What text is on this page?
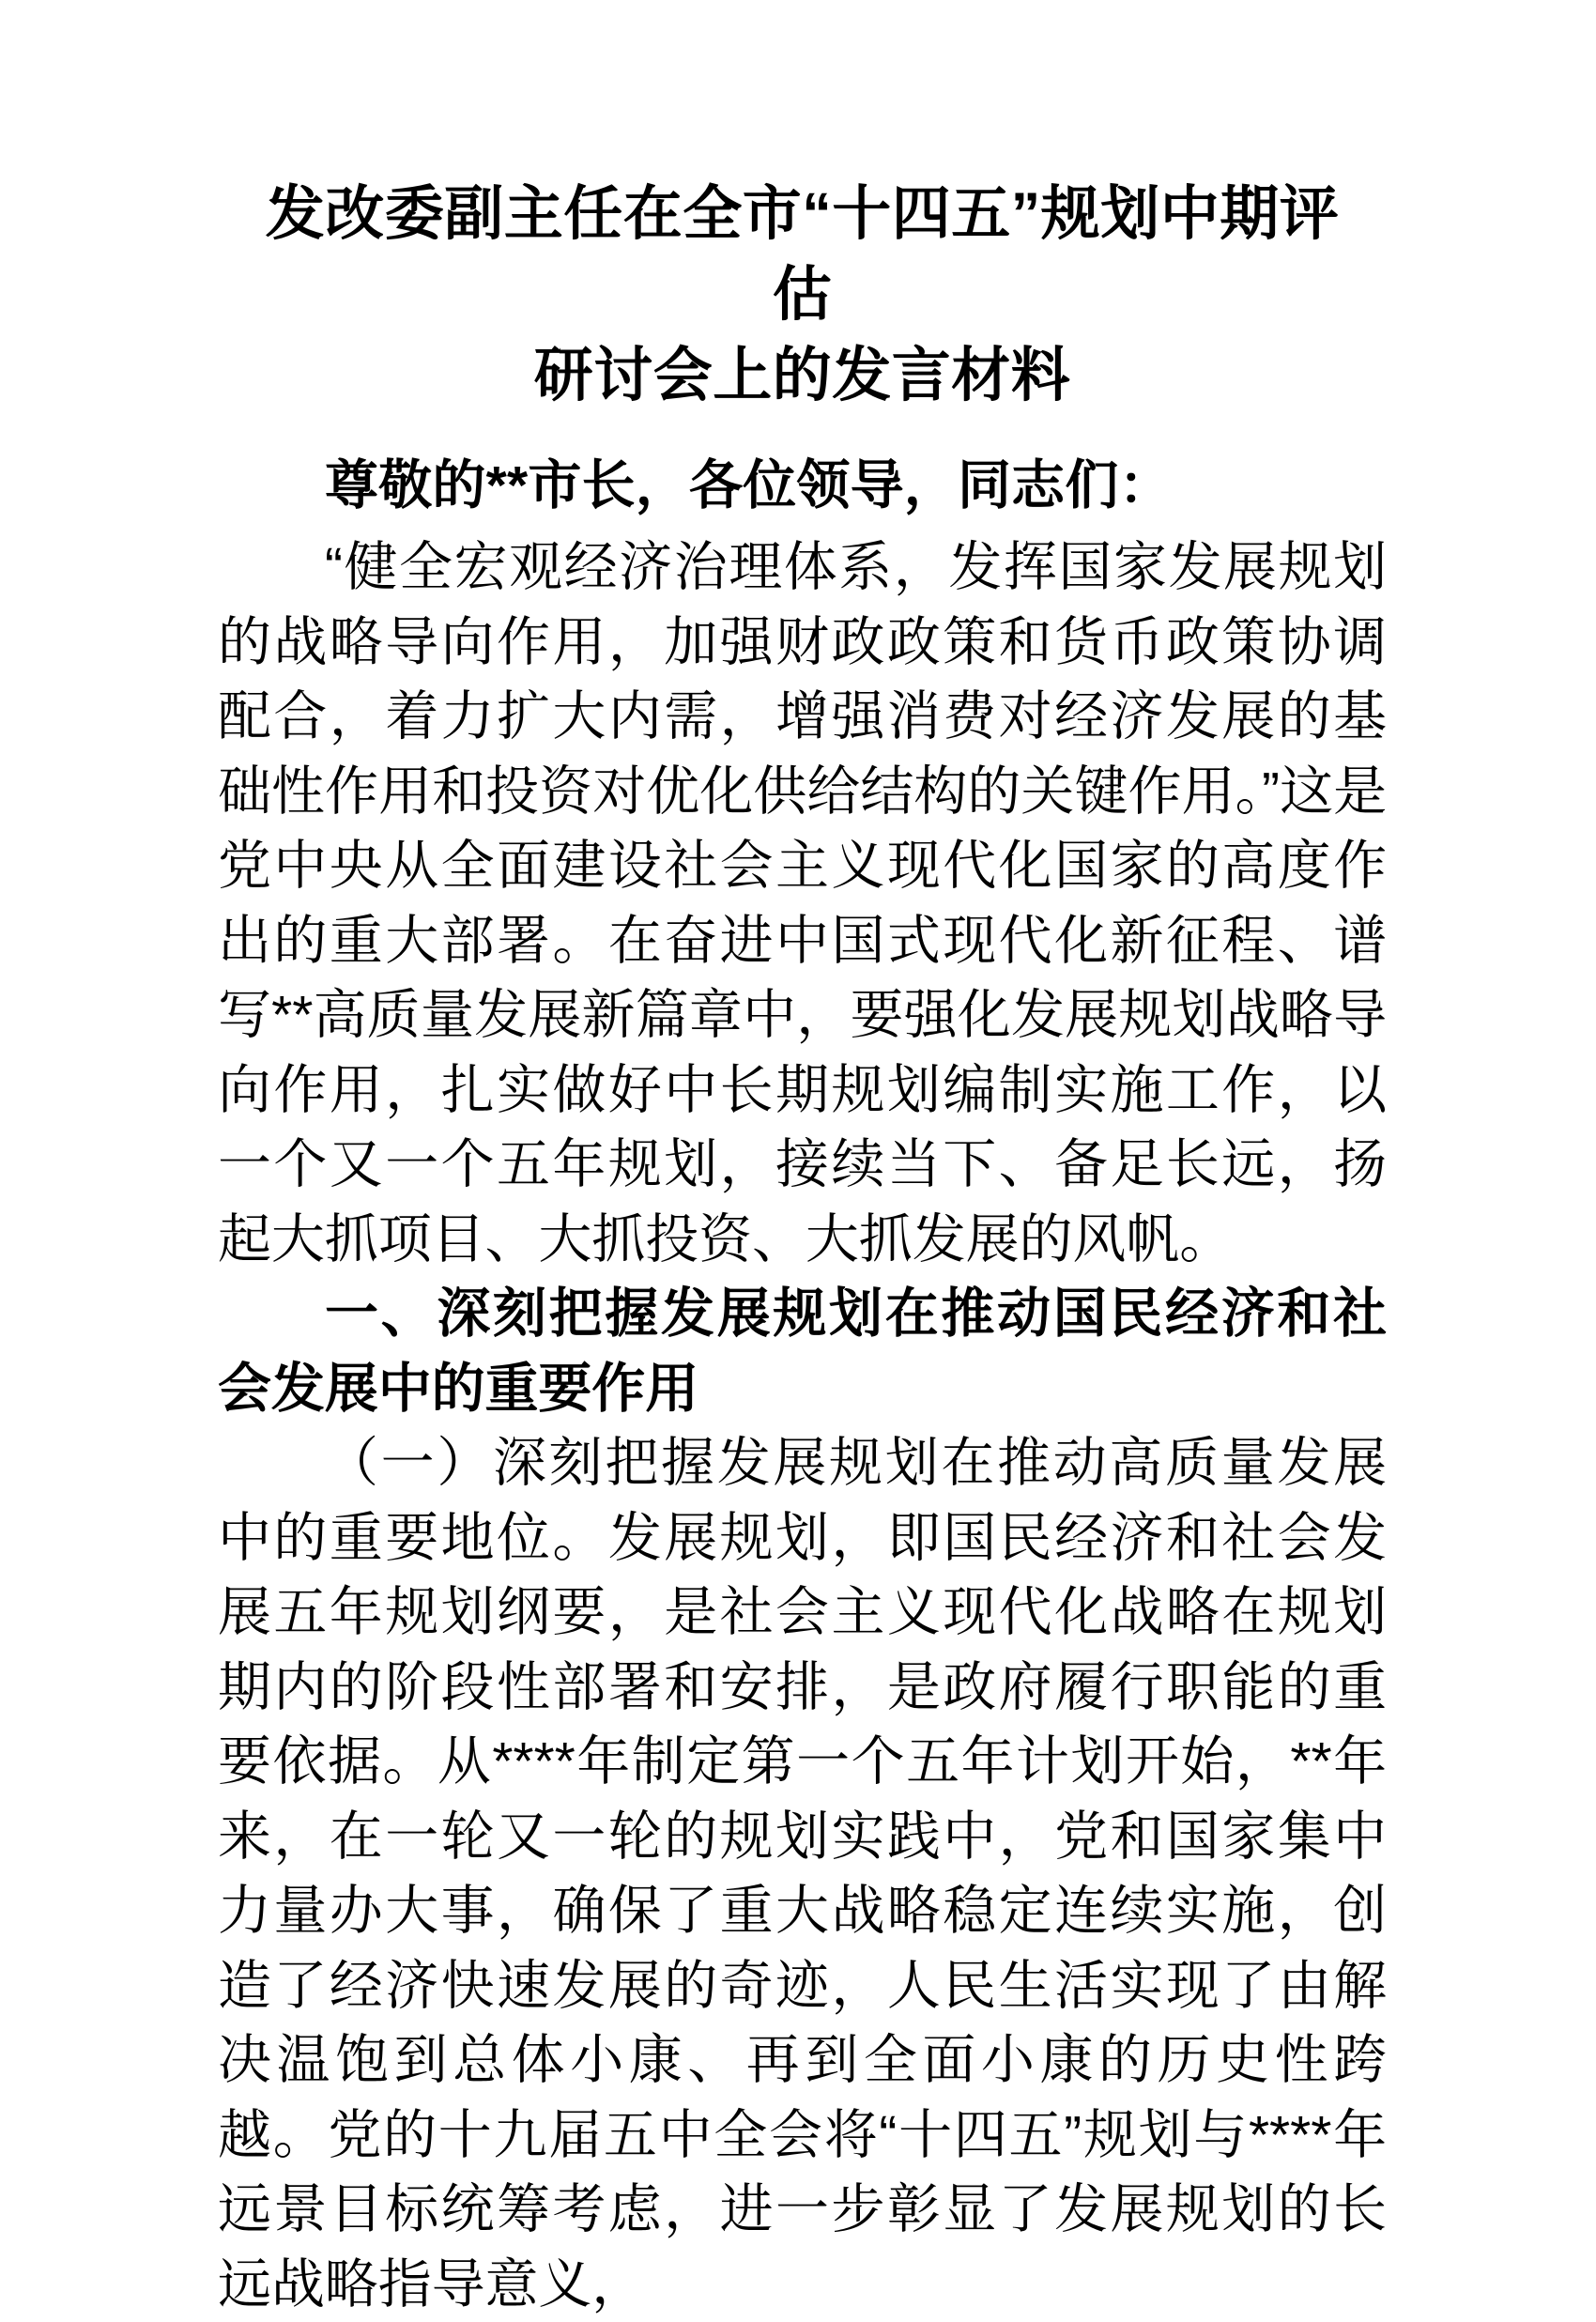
发改委副主任在全市“十四五”规划中期评估
研讨会上的发言材料

尊敬的**市长，各位领导，同志们：

“健全宏观经济治理体系，发挥国家发展规划的战略导向作用，加强财政政策和货币政策协调配合，着力扩大内需，增强消费对经济发展的基础性作用和投资对优化供给结构的关键作用。”这是党中央从全面建设社会主义现代化国家的高度作出的重大部署。在奋进中国式现代化新征程、谱写**高质量发展新篇章中，要强化发展规划战略导向作用，扎实做好中长期规划编制实施工作，以一个又一个五年规划，接续当下、备足长远，扬起大抓项目、大抓投资、大抓发展的风帆。

一、深刻把握发展规划在推动国民经济和社会发展中的重要作用

（一）深刻把握发展规划在推动高质量发展中的重要地位。发展规划，即国民经济和社会发展五年规划纲要，是社会主义现代化战略在规划期内的阶段性部署和安排，是政府履行职能的重要依据。从****年制定第一个五年计划开始，**年来，在一轮又一轮的规划实践中，党和国家集中力量办大事，确保了重大战略稳定连续实施，创造了经济快速发展的奇迹，人民生活实现了由解决温饱到总体小康、再到全面小康的历史性跨越。党的十九届五中全会将“十四五”规划与****年远景目标统筹考虑，进一步彰显了发展规划的长远战略指导意义，
